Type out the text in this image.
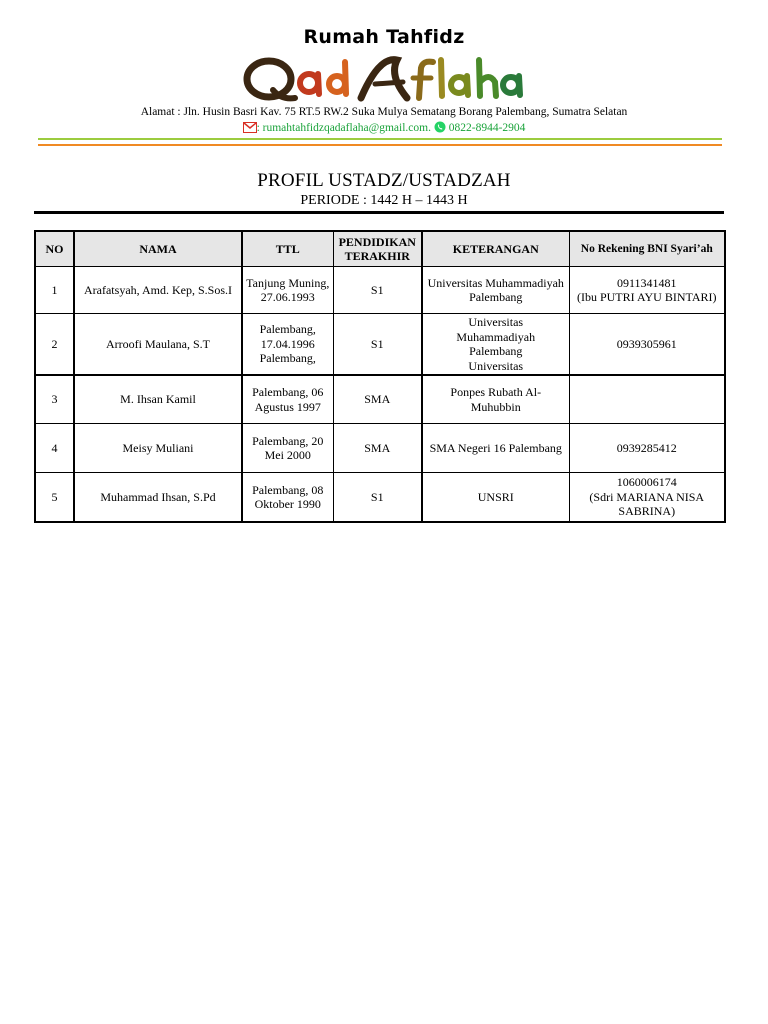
Rumah Tahfidz
Alamat : Jln. Husin Basri Kav. 75 RT.5 RW.2 Suka Mulya Sematang Borang Palembang, Sumatra Selatan
: rumahtahfidzqadaflaha@gmail.com. 0822-8944-2904
PROFIL USTADZ/USTADZAH
PERIODE : 1442 H – 1443 H
NO	NAMA	TTL	PENDIDIKAN TERAKHIR	KETERANGAN	No Rekening BNI Syari’ah
1	Arafatsyah, Amd. Kep, S.Sos.I	Tanjung Muning, 27.06.1993	S1	Universitas Muhammadiyah Palembang	0911341481
(Ibu PUTRI AYU BINTARI)

2	Arroofi Maulana, S.T	Palembang, 17.04.1996 Palembang,	S1	Universitas Muhammadiyah Palembang Universitas	0939305961

3	M. Ihsan Kamil	Palembang, 06 Agustus 1997	SMA	Ponpes Rubath Al-Muhubbin	

4	Meisy Muliani	Palembang, 20 Mei 2000	SMA	SMA Negeri 16 Palembang	0939285412

5	Muhammad Ihsan, S.Pd	Palembang, 08 Oktober 1990	S1	UNSRI	1060006174
(Sdri MARIANA NISA SABRINA)
